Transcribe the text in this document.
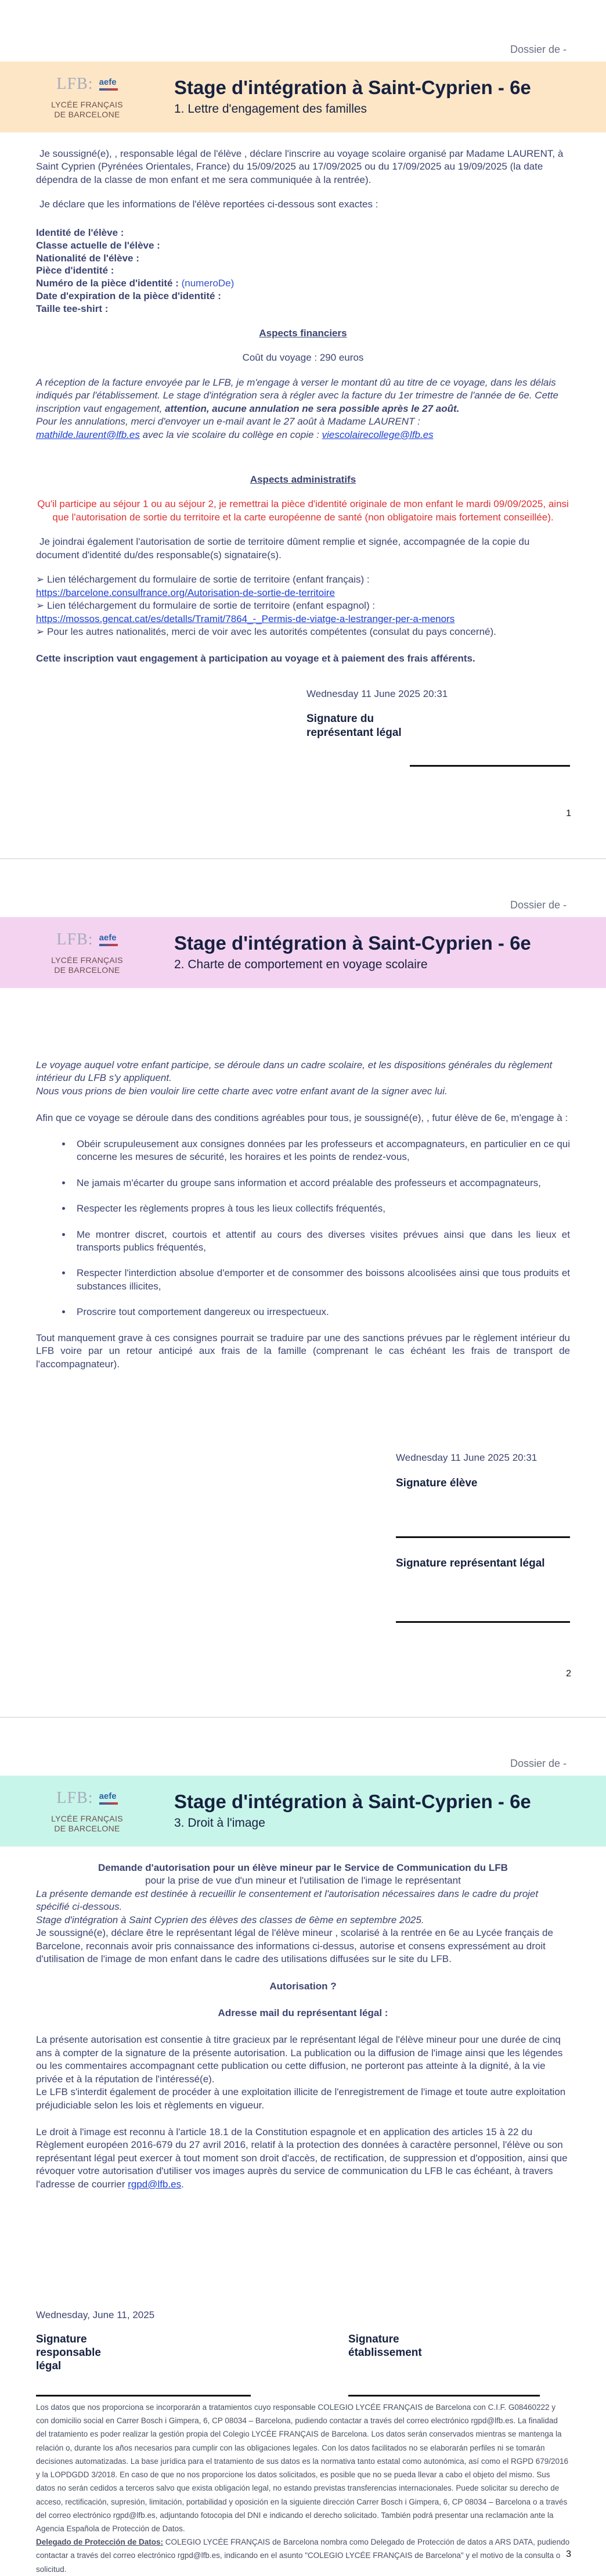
Dossier de -
LFB: aefe
LYCÉE FRANÇAIS
DE BARCELONE
Stage d'intégration à Saint-Cyprien - 6e
1. Lettre d'engagement des familles

Je soussigné(e), , responsable légal de l'élève , déclare l'inscrire au voyage scolaire organisé par Madame LAURENT, à Saint Cyprien (Pyrénées Orientales, France) du 15/09/2025 au 17/09/2025 ou du 17/09/2025 au 19/09/2025 (la date dépendra de la classe de mon enfant et me sera communiquée à la rentrée).

Je déclare que les informations de l'élève reportées ci-dessous sont exactes :

Identité de l'élève :
Classe actuelle de l'élève :
Nationalité de l'élève :
Pièce d'identité :
Numéro de la pièce d'identité : (numeroDe)
Date d'expiration de la pièce d'identité :
Taille tee-shirt :

Aspects financiers

Coût du voyage : 290 euros

A réception de la facture envoyée par le LFB, je m'engage à verser le montant dû au titre de ce voyage, dans les délais indiqués par l'établissement. Le stage d'intégration sera à régler avec la facture du 1er trimestre de l'année de 6e. Cette inscription vaut engagement, attention, aucune annulation ne sera possible après le 27 août.

Pour les annulations, merci d'envoyer un e-mail avant le 27 août à Madame LAURENT :
mathilde.laurent@lfb.es avec la vie scolaire du collège en copie : viescolairecollege@lfb.es

Aspects administratifs

Qu'il participe au séjour 1 ou au séjour 2, je remettrai la pièce d'identité originale de mon enfant le mardi 09/09/2025, ainsi que l'autorisation de sortie du territoire et la carte européenne de santé (non obligatoire mais fortement conseillée).

Je joindrai également l'autorisation de sortie de territoire dûment remplie et signée, accompagnée de la copie du document d'identité du/des responsable(s) signataire(s).

➢ Lien téléchargement du formulaire de sortie de territoire (enfant français) :
https://barcelone.consulfrance.org/Autorisation-de-sortie-de-territoire
➢ Lien téléchargement du formulaire de sortie de territoire (enfant espagnol) :
https://mossos.gencat.cat/es/detalls/Tramit/7864_-_Permis-de-viatge-a-lestranger-per-a-menors
➢ Pour les autres nationalités, merci de voir avec les autorités compétentes (consulat du pays concerné).

Cette inscription vaut engagement à participation au voyage et à paiement des frais afférents.

Wednesday 11 June 2025 20:31

Signature du représentant légal

1
Dossier de -
LFB: aefe
LYCÉE FRANÇAIS
DE BARCELONE
Stage d'intégration à Saint-Cyprien - 6e
2. Charte de comportement en voyage scolaire

Le voyage auquel votre enfant participe, se déroule dans un cadre scolaire, et les dispositions générales du règlement intérieur du LFB s'y appliquent.
Nous vous prions de bien vouloir lire cette charte avec votre enfant avant de la signer avec lui.

Afin que ce voyage se déroule dans des conditions agréables pour tous, je soussigné(e), , futur élève de 6e, m'engage à :

• Obéir scrupuleusement aux consignes données par les professeurs et accompagnateurs, en particulier en ce qui concerne les mesures de sécurité, les horaires et les points de rendez-vous,
• Ne jamais m'écarter du groupe sans information et accord préalable des professeurs et accompagnateurs,
• Respecter les règlements propres à tous les lieux collectifs fréquentés,
• Me montrer discret, courtois et attentif au cours des diverses visites prévues ainsi que dans les lieux et transports publics fréquentés,
• Respecter l'interdiction absolue d'emporter et de consommer des boissons alcoolisées ainsi que tous produits et substances illicites,
• Proscrire tout comportement dangereux ou irrespectueux.

Tout manquement grave à ces consignes pourrait se traduire par une des sanctions prévues par le règlement intérieur du LFB voire par un retour anticipé aux frais de la famille (comprenant le cas échéant les frais de transport de l'accompagnateur).

Wednesday 11 June 2025 20:31

Signature élève

Signature représentant légal

2
Dossier de -
LFB: aefe
LYCÉE FRANÇAIS
DE BARCELONE
Stage d'intégration à Saint-Cyprien - 6e
3. Droit à l'image

Demande d'autorisation pour un élève mineur par le Service de Communication du LFB

pour la prise de vue d'un mineur et l'utilisation de l'image le représentant

La présente demande est destinée à recueillir le consentement et l'autorisation nécessaires dans le cadre du projet spécifié ci-dessous.

Stage d'intégration à Saint Cyprien des élèves des classes de 6ème en septembre 2025.

Je soussigné(e), déclare être le représentant légal de l'élève mineur , scolarisé à la rentrée en 6e au Lycée français de Barcelone, reconnais avoir pris connaissance des informations ci-dessus, autorise et consens expressément au droit d'utilisation de l'image de mon enfant dans le cadre des utilisations diffusées sur le site du LFB.

Autorisation ?

Adresse mail du représentant légal :

La présente autorisation est consentie à titre gracieux par le représentant légal de l'élève mineur pour une durée de cinq ans à compter de la signature de la présente autorisation. La publication ou la diffusion de l'image ainsi que les légendes ou les commentaires accompagnant cette publication ou cette diffusion, ne porteront pas atteinte à la dignité, à la vie privée et à la réputation de l'intéressé(e).

Le LFB s'interdit également de procéder à une exploitation illicite de l'enregistrement de l'image et toute autre exploitation préjudiciable selon les lois et règlements en vigueur.

Le droit à l'image est reconnu à l'article 18.1 de la Constitution espagnole et en application des articles 15 à 22 du Règlement européen 2016-679 du 27 avril 2016, relatif à la protection des données à caractère personnel, l'élève ou son représentant légal peut exercer à tout moment son droit d'accès, de rectification, de suppression et d'opposition, ainsi que révoquer votre autorisation d'utiliser vos images auprès du service de communication du LFB le cas échéant, à travers l'adresse de courrier rgpd@lfb.es.

Wednesday, June 11, 2025

Signature responsable légal

Signature établissement

Los datos que nos proporciona se incorporarán a tratamientos cuyo responsable COLEGIO LYCÉE FRANÇAIS de Barcelona con C.I.F. G08460222 y con domicilio social en Carrer Bosch i Gimpera, 6, CP 08034 – Barcelona, pudiendo contactar a través del correo electrónico rgpd@lfb.es. La finalidad del tratamiento es poder realizar la gestión propia del Colegio LYCÉE FRANÇAIS de Barcelona. Los datos serán conservados mientras se mantenga la relación o, durante los años necesarios para cumplir con las obligaciones legales. Con los datos facilitados no se elaborarán perfiles ni se tomarán decisiones automatizadas. La base jurídica para el tratamiento de sus datos es la normativa tanto estatal como autonómica, así como el RGPD 679/2016 y la LOPDGDD 3/2018. En caso de que no nos proporcione los datos solicitados, es posible que no se pueda llevar a cabo el objeto del mismo. Sus datos no serán cedidos a terceros salvo que exista obligación legal, no estando previstas transferencias internacionales. Puede solicitar su derecho de acceso, rectificación, supresión, limitación, portabilidad y oposición en la siguiente dirección Carrer Bosch i Gimpera, 6, CP 08034 – Barcelona o a través del correo electrónico rgpd@lfb.es, adjuntando fotocopia del DNI e indicando el derecho solicitado. También podrá presentar una reclamación ante la Agencia Española de Protección de Datos.

Delegado de Protección de Datos: COLEGIO LYCÉE FRANÇAIS de Barcelona nombra como Delegado de Protección de datos a ARS DATA, pudiendo contactar a través del correo electrónico rgpd@lfb.es, indicando en el asunto "COLEGIO LYCÉE FRANÇAIS de Barcelona" y el motivo de la consulta o solicitud.

3
